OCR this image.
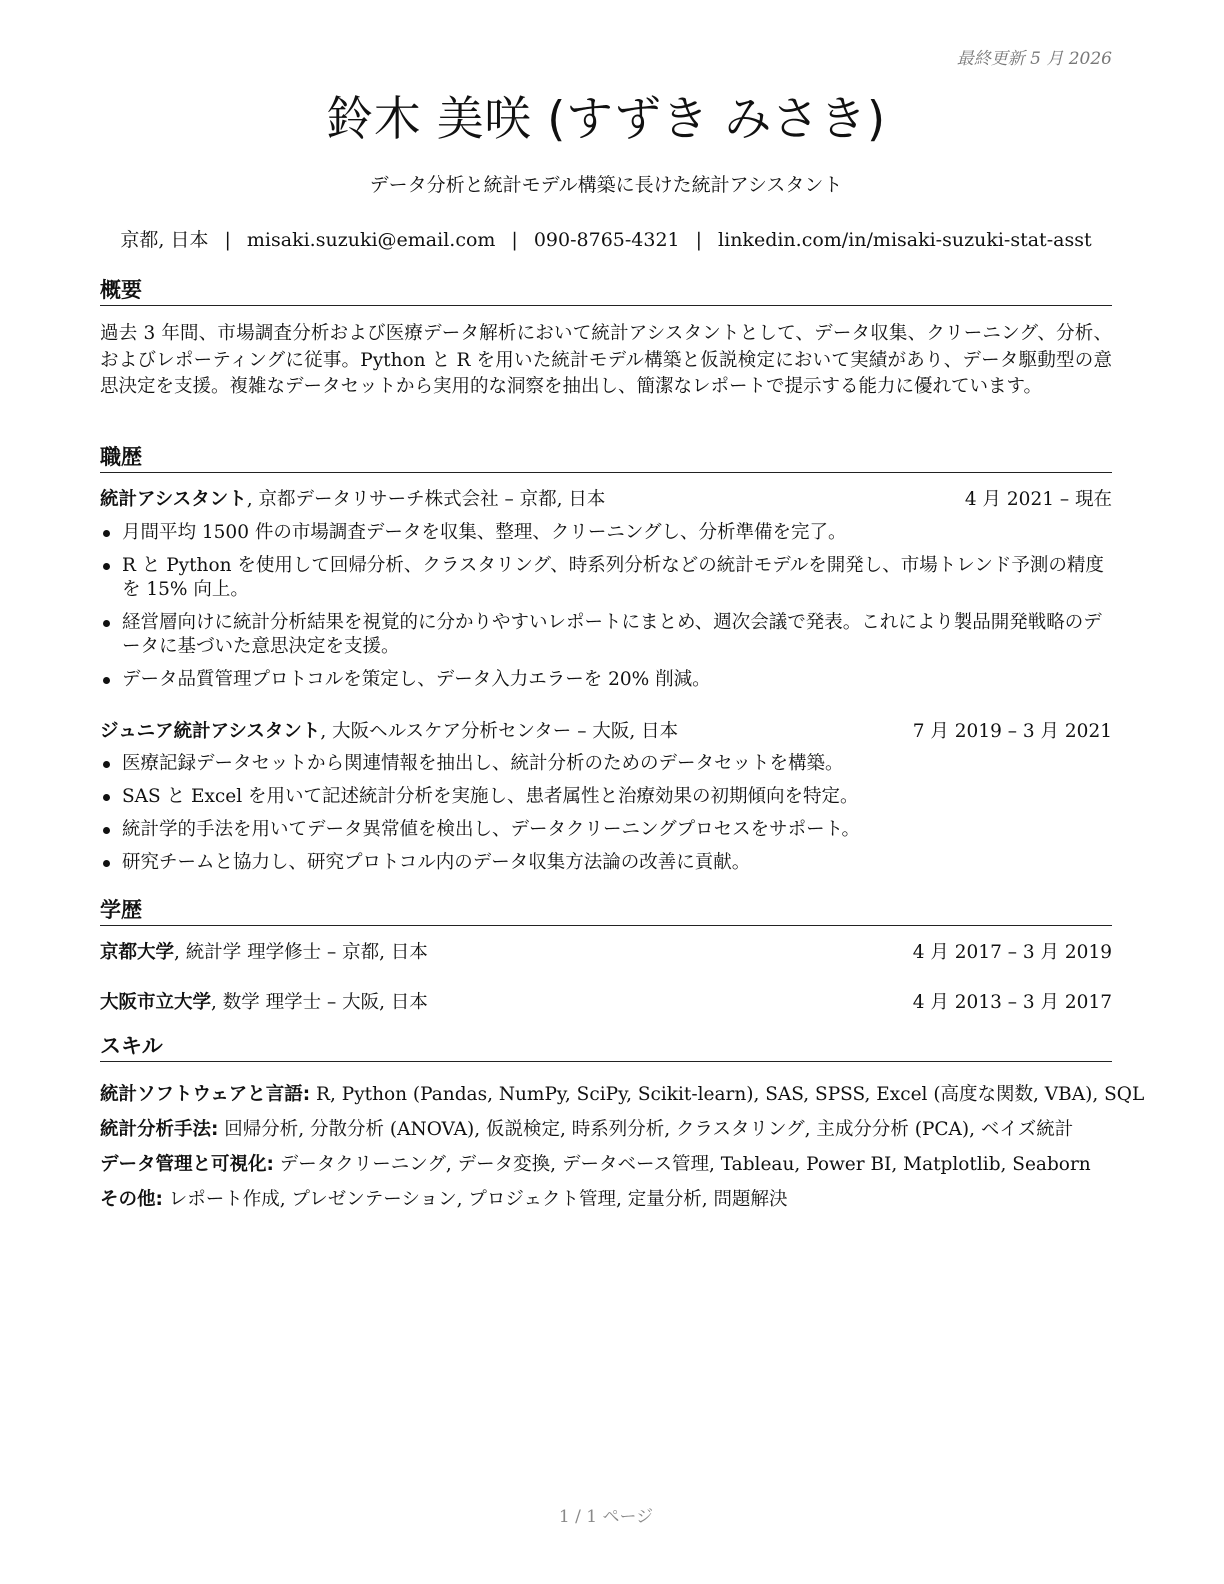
最終更新 5 月 2026
鈴木 美咲 (すずき みさき)
データ分析と統計モデル構築に長けた統計アシスタント
京都, 日本 | misaki.suzuki@email.com | 090-8765-4321 | linkedin.com/in/misaki-suzuki-stat-asst
概要
過去 3 年間、市場調査分析および医療データ解析において統計アシスタントとして、データ収集、クリーニング、分析、およびレポーティングに従事。Python と R を用いた統計モデル構築と仮説検定において実績があり、データ駆動型の意思決定を支援。複雑なデータセットから実用的な洞察を抽出し、簡潔なレポートで提示する能力に優れています。
職歴
統計アシスタント, 京都データリサーチ株式会社 – 京都, 日本	4 月 2021 – 現在
月間平均 1500 件の市場調査データを収集、整理、クリーニングし、分析準備を完了。
R と Python を使用して回帰分析、クラスタリング、時系列分析などの統計モデルを開発し、市場トレンド予測の精度を 15% 向上。
経営層向けに統計分析結果を視覚的に分かりやすいレポートにまとめ、週次会議で発表。これにより製品開発戦略のデータに基づいた意思決定を支援。
データ品質管理プロトコルを策定し、データ入力エラーを 20% 削減。
ジュニア統計アシスタント, 大阪ヘルスケア分析センター – 大阪, 日本	7 月 2019 – 3 月 2021
医療記録データセットから関連情報を抽出し、統計分析のためのデータセットを構築。
SAS と Excel を用いて記述統計分析を実施し、患者属性と治療効果の初期傾向を特定。
統計学的手法を用いてデータ異常値を検出し、データクリーニングプロセスをサポート。
研究チームと協力し、研究プロトコル内のデータ収集方法論の改善に貢献。
学歴
京都大学, 統計学 理学修士 – 京都, 日本	4 月 2017 – 3 月 2019
大阪市立大学, 数学 理学士 – 大阪, 日本	4 月 2013 – 3 月 2017
スキル
統計ソフトウェアと言語: R, Python (Pandas, NumPy, SciPy, Scikit-learn), SAS, SPSS, Excel (高度な関数, VBA), SQL
統計分析手法: 回帰分析, 分散分析 (ANOVA), 仮説検定, 時系列分析, クラスタリング, 主成分分析 (PCA), ベイズ統計
データ管理と可視化: データクリーニング, データ変換, データベース管理, Tableau, Power BI, Matplotlib, Seaborn
その他: レポート作成, プレゼンテーション, プロジェクト管理, 定量分析, 問題解決
1 / 1 ページ
